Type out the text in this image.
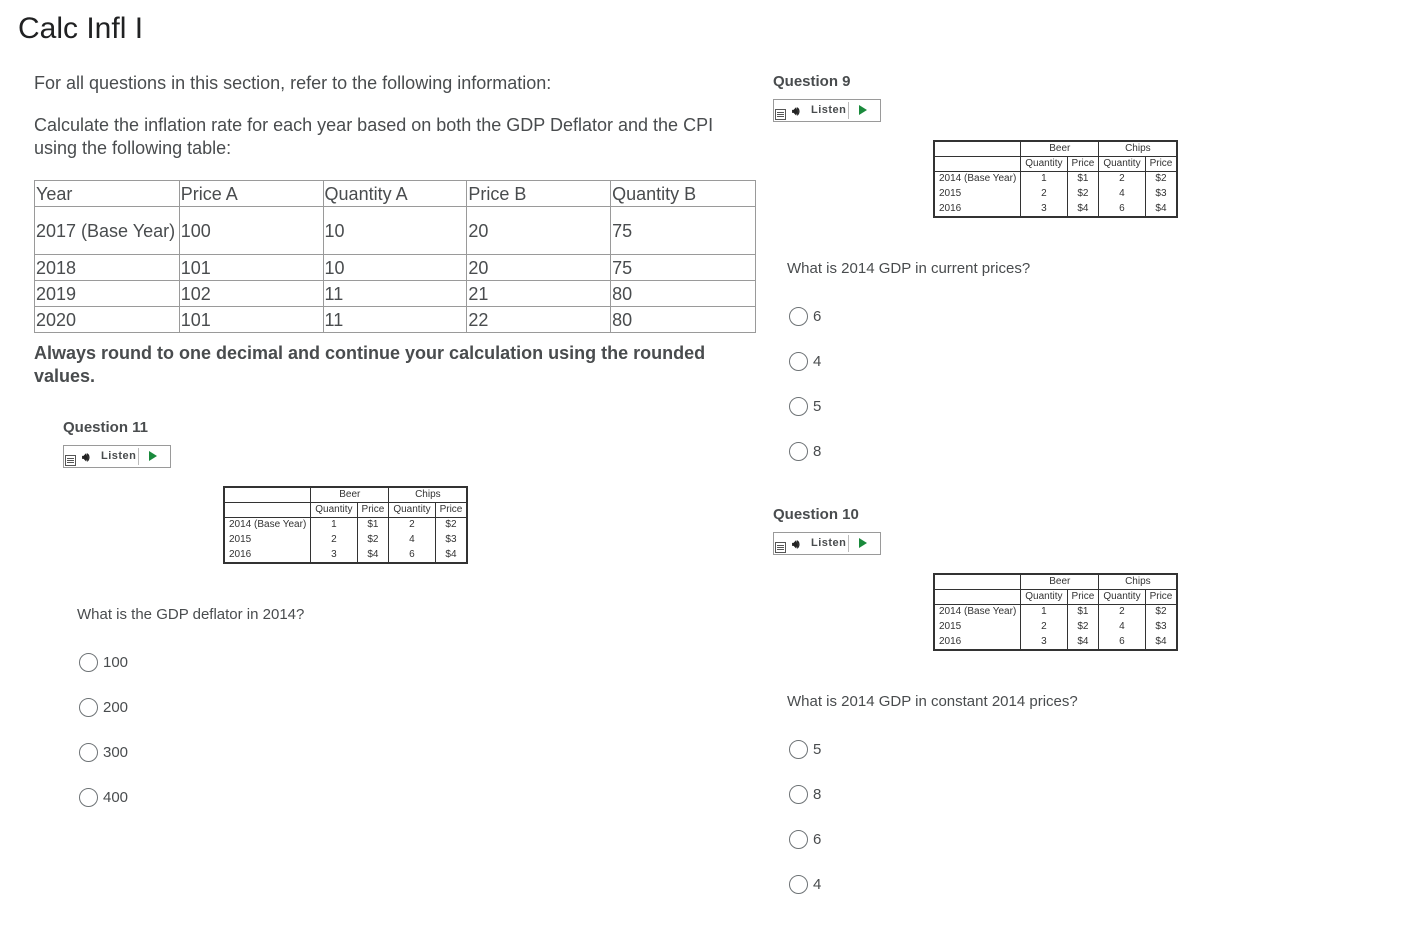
Calc Infl I
For all questions in this section, refer to the following information:
Calculate the inflation rate for each year based on both the GDP Deflator and the CPI using the following table:
Year	Price A	Quantity A	Price B	Quantity B
2017 (Base Year)	100	10	20	75
2018	101	10	20	75
2019	102	11	21	80
2020	101	11	22	80
Always round to one decimal and continue your calculation using the rounded values.
Question 11
🔊︎ Listen
	Beer		Chips	
	Quantity	Price	Quantity	Price
2014 (Base Year)	1	$1	2	$2
2015	2	$2	4	$3
2016	3	$4	6	$4
What is the GDP deflator in 2014?
100
200
300
400
Question 9
🔊︎ Listen
	Beer		Chips	
	Quantity	Price	Quantity	Price
2014 (Base Year)	1	$1	2	$2
2015	2	$2	4	$3
2016	3	$4	6	$4
What is 2014 GDP in current prices?
6
4
5
8
Question 10
🔊︎ Listen
	Beer		Chips	
	Quantity	Price	Quantity	Price
2014 (Base Year)	1	$1	2	$2
2015	2	$2	4	$3
2016	3	$4	6	$4
What is 2014 GDP in constant 2014 prices?
5
8
6
4
